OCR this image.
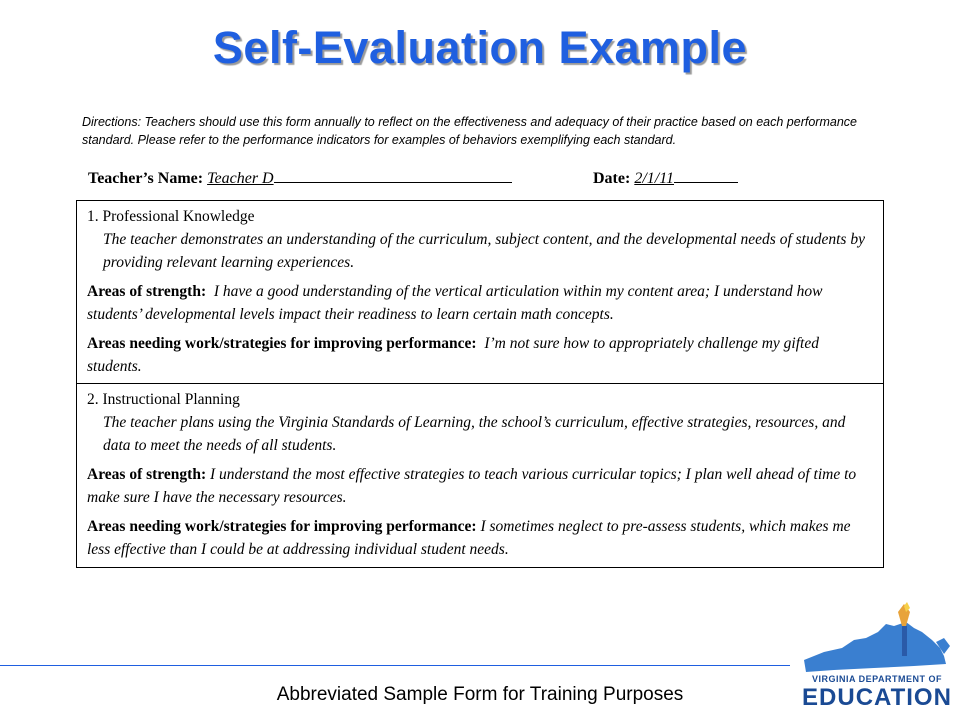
Self-Evaluation Example
Directions: Teachers should use this form annually to reflect on the effectiveness and adequacy of their practice based on each performance standard. Please refer to the performance indicators for examples of behaviors exemplifying each standard.
Teacher’s Name: Teacher D	Date: 2/1/11
1. Professional Knowledge
The teacher demonstrates an understanding of the curriculum, subject content, and the developmental needs of students by providing relevant learning experiences.
Areas of strength: I have a good understanding of the vertical articulation within my content area; I understand how students’ developmental levels impact their readiness to learn certain math concepts.
Areas needing work/strategies for improving performance: I’m not sure how to appropriately challenge my gifted students.
2. Instructional Planning
The teacher plans using the Virginia Standards of Learning, the school’s curriculum, effective strategies, resources, and data to meet the needs of all students.
Areas of strength: I understand the most effective strategies to teach various curricular topics; I plan well ahead of time to make sure I have the necessary resources.
Areas needing work/strategies for improving performance: I sometimes neglect to pre-assess students, which makes me less effective than I could be at addressing individual student needs.
Abbreviated Sample Form for Training Purposes
VIRGINIA DEPARTMENT OF
EDUCATION
